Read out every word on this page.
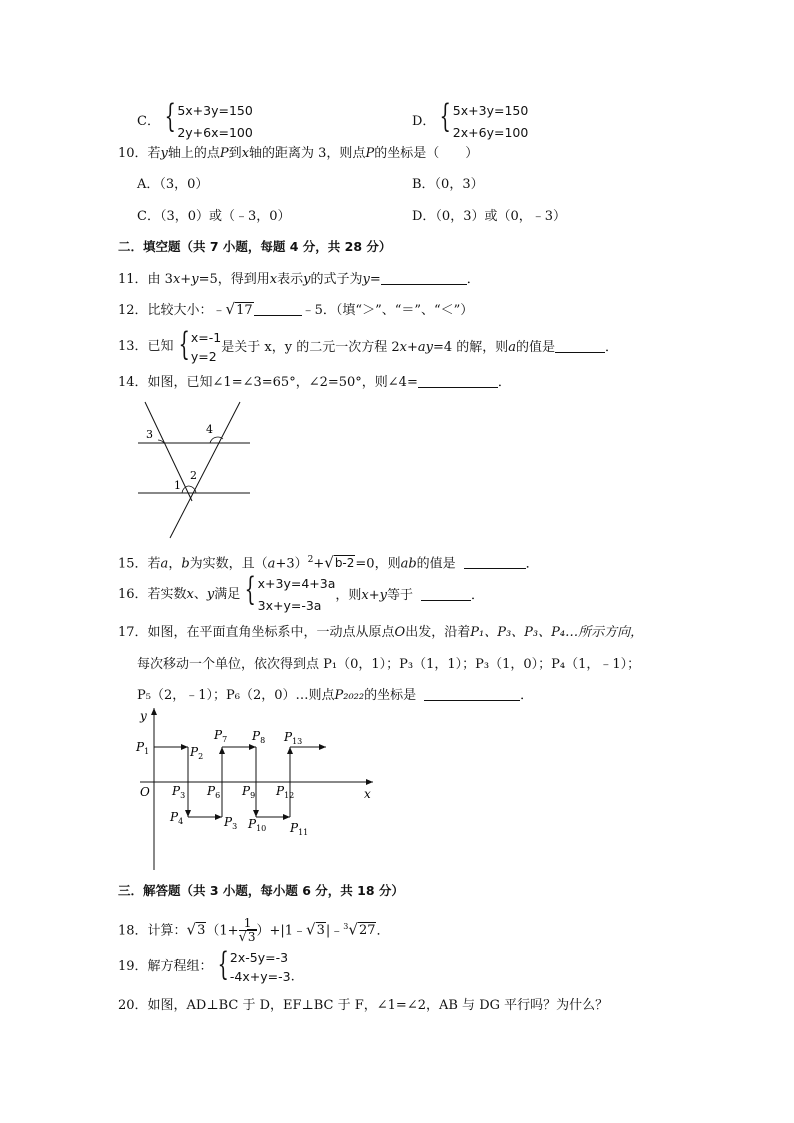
C． { 5x+3y=150
2y+6x=100
D． { 5x+3y=150
2x+6y=100
10．若y轴上的点P到x轴的距离为 3，则点P的坐标是（　　）
A．（3，0）	B．（0，3）
C．（3，0）或（﹣3，0）	D．（0，3）或（0，﹣3）
二．填空题（共 7 小题，每题 4 分，共 28 分）
11．由 3x+y=5，得到用x表示y的式子为y=	．
12．比较大小：﹣√17	﹣5．（填“＞”、“＝”、“＜”）
13．已知 { x=-1
y=2
是关于 x，y 的二元一次方程 2x+ay=4 的解，则a的值是	．
14．如图，已知∠1=∠3=65°，∠2=50°，则∠4=	．
3	4
1
2
15．若a，b为实数，且$(a+3)^2+√b-2=0$，则ab的值是	．
16．若实数x、y满足 { x+3y=4+3a
3x+y=-3a
，则x+y等于	．
17．如图，在平面直角坐标系中，一动点从原点O出发，沿着P₁、P₃、P₃、P₄…所示方向，
每次移动一个单位，依次得到点 P₁（0，1）；P₃（1，1）；P₃（1，0）；P₄（1，﹣1）；
P₅（2，﹣1）；P₆（2，0）…则点P₂₀₂₂的坐标是	．
y
x
O
$P_1$	$P_2$
$P_3$
$P_4$	$P_3$
$P_6$
$P_7$ $P_8$
$P_9$
$P_{10}$ $P_{11}$
$P_{12}$
$P_{13}$
三．解答题（共 3 小题，每小题 6 分，共 18 分）
18．计算：$√3(1+ \frac{1}{√3}$ ）+|1﹣√3|﹣$^3$√27．
19．解方程组： { 2x-5y=-3
-4x+y=-3 .
20．如图，AD⊥BC 于 D，EF⊥BC 于 F，∠1=∠2，AB 与 DG 平行吗？为什么？
